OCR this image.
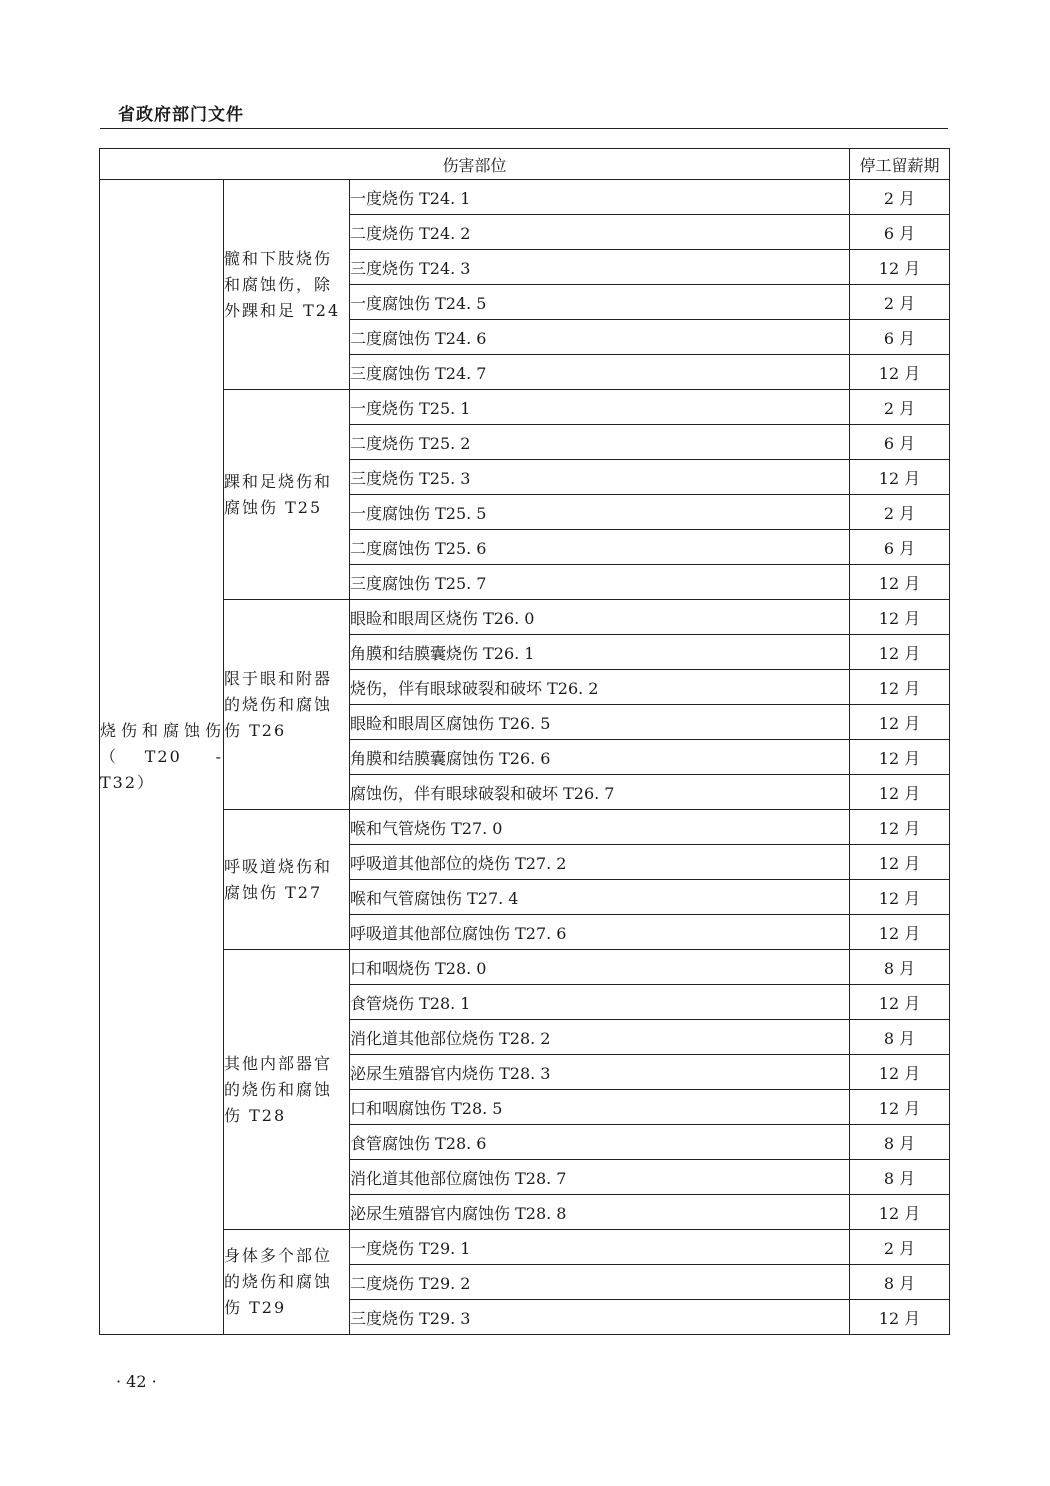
省政府部门文件
伤害部位			停工留薪期
烧伤和腐蚀伤（T20 - T32）	髋和下肢烧伤和腐蚀伤，除外踝和足 T24	一度烧伤 T24. 1	2 月
		二度烧伤 T24. 2	6 月
		三度烧伤 T24. 3	12 月
		一度腐蚀伤 T24. 5	2 月
		二度腐蚀伤 T24. 6	6 月
		三度腐蚀伤 T24. 7	12 月
	踝和足烧伤和腐蚀伤 T25	一度烧伤 T25. 1	2 月
		二度烧伤 T25. 2	6 月
		三度烧伤 T25. 3	12 月
		一度腐蚀伤 T25. 5	2 月
		二度腐蚀伤 T25. 6	6 月
		三度腐蚀伤 T25. 7	12 月
	限于眼和附器的烧伤和腐蚀伤 T26	眼睑和眼周区烧伤 T26. 0	12 月
		角膜和结膜囊烧伤 T26. 1	12 月
		烧伤，伴有眼球破裂和破坏 T26. 2	12 月
		眼睑和眼周区腐蚀伤 T26. 5	12 月
		角膜和结膜囊腐蚀伤 T26. 6	12 月
		腐蚀伤，伴有眼球破裂和破坏 T26. 7	12 月
	呼吸道烧伤和腐蚀伤 T27	喉和气管烧伤 T27. 0	12 月
		呼吸道其他部位的烧伤 T27. 2	12 月
		喉和气管腐蚀伤 T27. 4	12 月
		呼吸道其他部位腐蚀伤 T27. 6	12 月
	其他内部器官的烧伤和腐蚀伤 T28	口和咽烧伤 T28. 0	8 月
		食管烧伤 T28. 1	12 月
		消化道其他部位烧伤 T28. 2	8 月
		泌尿生殖器官内烧伤 T28. 3	12 月
		口和咽腐蚀伤 T28. 5	12 月
		食管腐蚀伤 T28. 6	8 月
		消化道其他部位腐蚀伤 T28. 7	8 月
		泌尿生殖器官内腐蚀伤 T28. 8	12 月
	身体多个部位的烧伤和腐蚀伤 T29	一度烧伤 T29. 1	2 月
		二度烧伤 T29. 2	8 月
		三度烧伤 T29. 3	12 月
· 42 ·
